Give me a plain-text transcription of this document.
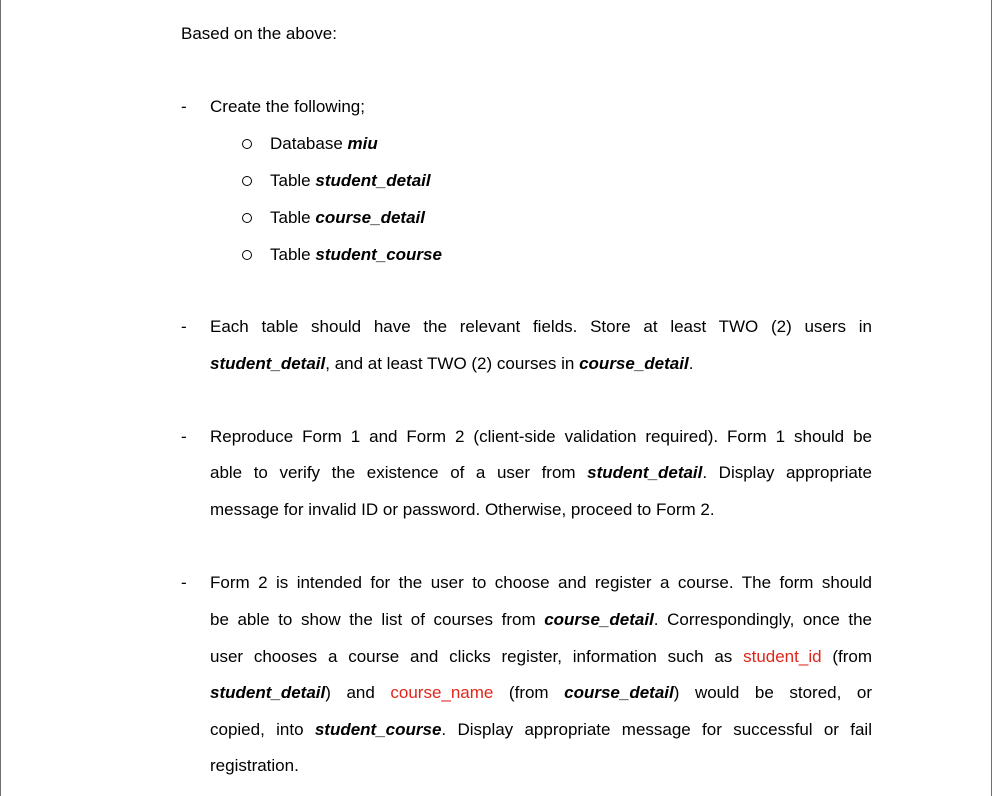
Based on the above:
- Create the following;
Database miu
Table student_detail
Table course_detail
Table student_course
- Each table should have the relevant fields. Store at least TWO (2) users in
student_detail, and at least TWO (2) courses in course_detail.
- Reproduce Form 1 and Form 2 (client-side validation required). Form 1 should be
able to verify the existence of a user from student_detail. Display appropriate
message for invalid ID or password. Otherwise, proceed to Form 2.
- Form 2 is intended for the user to choose and register a course. The form should
be able to show the list of courses from course_detail. Correspondingly, once the
user chooses a course and clicks register, information such as student_id (from
student_detail) and course_name (from course_detail) would be stored, or
copied, into student_course. Display appropriate message for successful or fail
registration.
